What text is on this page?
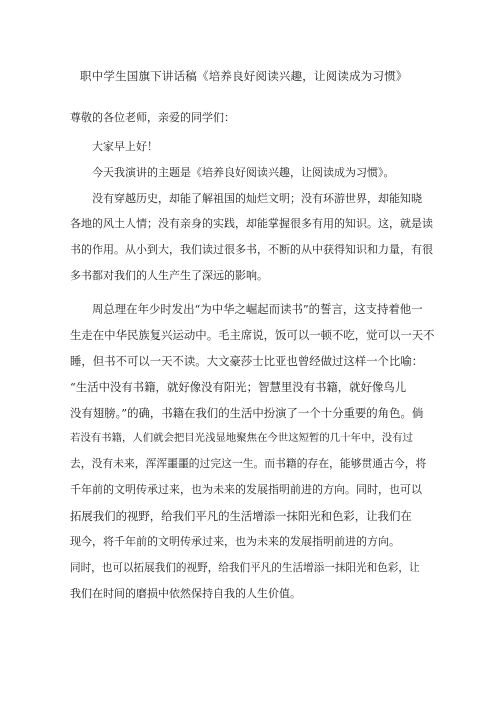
职中学生国旗下讲话稿《培养良好阅读兴趣，让阅读成为习惯》
尊敬的各位老师，亲爱的同学们：
大家早上好！
今天我演讲的主题是《培养良好阅读兴趣，让阅读成为习惯》。
没有穿越历史，却能了解祖国的灿烂文明；没有环游世界，却能知晓
各地的风土人情；没有亲身的实践，却能掌握很多有用的知识。这，就是读
书的作用。从小到大，我们读过很多书，不断的从中获得知识和力量，有很
多书都对我们的人生产生了深远的影响。
周总理在年少时发出“为中华之崛起而读书”的誓言，这支持着他一
生走在中华民族复兴运动中。毛主席说，饭可以一顿不吃，觉可以一天不
睡，但书不可以一天不读。大文豪莎士比亚也曾经做过这样一个比喻：
“生活中没有书籍，就好像没有阳光；智慧里没有书籍，就好像鸟儿
没有翅膀。”的确，书籍在我们的生活中扮演了一个十分重要的角色。倘
若没有书籍，人们就会把目光浅显地聚焦在今世这短暂的几十年中，没有过
去，没有未来，浑浑噩噩的过完这一生。而书籍的存在，能够贯通古今，将
千年前的文明传承过来，也为未来的发展指明前进的方向。同时，也可以
拓展我们的视野，给我们平凡的生活增添一抹阳光和色彩，让我们在
现今，将千年前的文明传承过来，也为未来的发展指明前进的方向。
同时，也可以拓展我们的视野，给我们平凡的生活增添一抹阳光和色彩，让
我们在时间的磨损中依然保持自我的人生价值。
